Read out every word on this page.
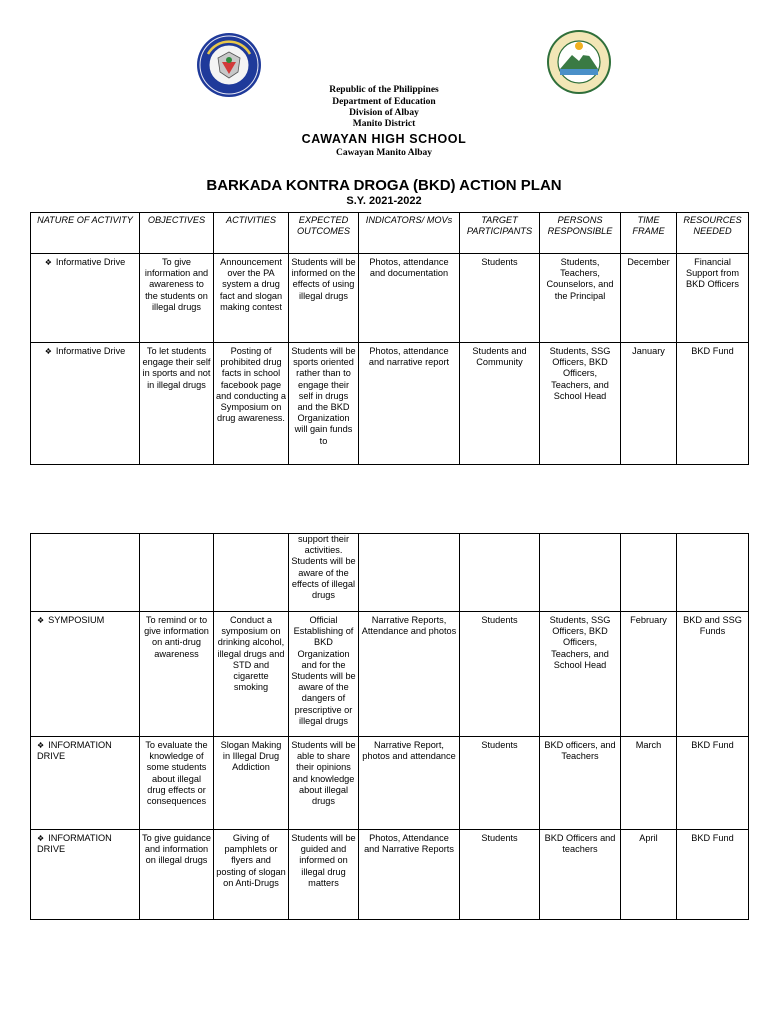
Republic of the Philippines
Department of Education
Division of Albay
Manito District
CAWAYAN HIGH SCHOOL
Cawayan Manito Albay
BARKADA KONTRA DROGA (BKD) ACTION PLAN
S.Y. 2021-2022
NATURE OF ACTIVITY	OBJECTIVES	ACTIVITIES	EXPECTED OUTCOMES	INDICATORS/ MOVs	TARGET PARTICIPANTS	PERSONS RESPONSIBLE	TIME FRAME	RESOURCES NEEDED
❖ Informative Drive	To give information and awareness to the students on illegal drugs	Announcement over the PA system a drug fact and slogan making contest	Students will be informed on the effects of using illegal drugs	Photos, attendance and documentation	Students	Students, Teachers, Counselors, and the Principal	December	Financial Support from BKD Officers
❖ Informative Drive	To let students engage their self in sports and not in illegal drugs	Posting of prohibited drug facts in school facebook page and conducting a Symposium on drug awareness.	Students will be sports oriented rather than to engage their self in drugs and the BKD Organization will gain funds to	Photos, attendance and narrative report	Students and Community	Students, SSG Officers, BKD Officers, Teachers, and School Head	January	BKD Fund
			support their activities. Students will be aware of the effects of illegal drugs					
❖ SYMPOSIUM	To remind or to give information on anti-drug awareness	Conduct a symposium on drinking alcohol, illegal drugs and STD and cigarette smoking	Official Establishing of BKD Organization and for the Students will be aware of the dangers of prescriptive or illegal drugs	Narrative Reports, Attendance and photos	Students	Students, SSG Officers, BKD Officers, Teachers, and School Head	February	BKD and SSG Funds
❖ INFORMATION DRIVE	To evaluate the knowledge of some students about illegal drug effects or consequences	Slogan Making in Illegal Drug Addiction	Students will be able to share their opinions and knowledge about illegal drugs	Narrative Report, photos and attendance	Students	BKD officers, and Teachers	March	BKD Fund
❖ INFORMATION DRIVE	To give guidance and information on illegal drugs	Giving of pamphlets or flyers and posting of slogan on Anti-Drugs	Students will be guided and informed on illegal drug matters	Photos, Attendance and Narrative Reports	Students	BKD Officers and teachers	April	BKD Fund
